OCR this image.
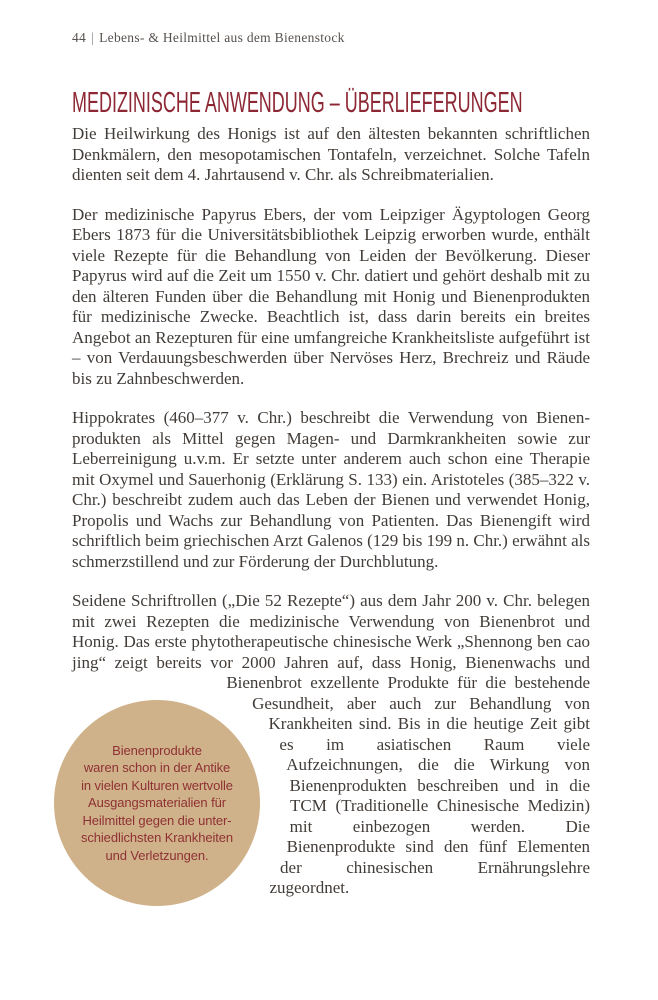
44 | Lebens- & Heilmittel aus dem Bienenstock
MEDIZINISCHE ANWENDUNG – ÜBERLIEFERUNGEN

Die Heilwirkung des Honigs ist auf den ältesten bekannten schriftlichen Denkmälern, den mesopotamischen Tontafeln, verzeichnet. Solche Tafeln dienten seit dem 4. Jahrtausend v. Chr. als Schreibmaterialien.

Der medizinische Papyrus Ebers, der vom Leipziger Ägyptologen Georg Ebers 1873 für die Universitätsbibliothek Leipzig erworben wurde, enthält viele Rezepte für die Behandlung von Leiden der Bevölkerung. Dieser Papyrus wird auf die Zeit um 1550 v. Chr. datiert und gehört deshalb mit zu den älteren Funden über die Behandlung mit Honig und Bienenprodukten für medizinische Zwecke. Beachtlich ist, dass darin bereits ein breites Angebot an Rezepturen für eine umfangreiche Krankheitsliste aufgeführt ist – von Verdauungsbeschwerden über Nervöses Herz, Brechreiz und Räude bis zu Zahnbeschwerden.

Hippokrates (460–377 v. Chr.) beschreibt die Verwendung von Bienenprodukten als Mittel gegen Magen- und Darmkrankheiten sowie zur Leberreinigung u.v.m. Er setzte unter anderem auch schon eine Therapie mit Oxymel und Sauerhonig (Erklärung S. 133) ein. Aristoteles (385–322 v. Chr.) beschreibt zudem auch das Leben der Bienen und verwendet Honig, Propolis und Wachs zur Behandlung von Patienten. Das Bienengift wird schriftlich beim griechischen Arzt Galenos (129 bis 199 n. Chr.) erwähnt als schmerzstillend und zur Förderung der Durchblutung.

Bienenprodukte
waren schon in der Antike
in vielen Kulturen wertvolle
Ausgangsmaterialien für
Heilmittel gegen die unter-
schiedlichsten Krankheiten
und Verletzungen.
Seidene Schriftrollen („Die 52 Rezepte“) aus dem Jahr 200 v. Chr. belegen mit zwei Rezepten die medizinische Verwendung von Bienenbrot und Honig. Das erste phytotherapeutische chinesische Werk „Shennong ben cao jing“ zeigt bereits vor 2000 Jahren auf, dass Honig, Bienenwachs und Bienenbrot exzellente Produkte für die bestehende Gesundheit, aber auch zur Behandlung von Krankheiten sind. Bis in die heutige Zeit gibt es im asiatischen Raum viele Aufzeichnungen, die die Wirkung von Bienenprodukten beschreiben und in die TCM (Traditionelle Chinesische Medizin) mit einbezogen werden. Die Bienenprodukte sind den fünf Elementen der chinesischen Ernährungslehre zugeordnet.
